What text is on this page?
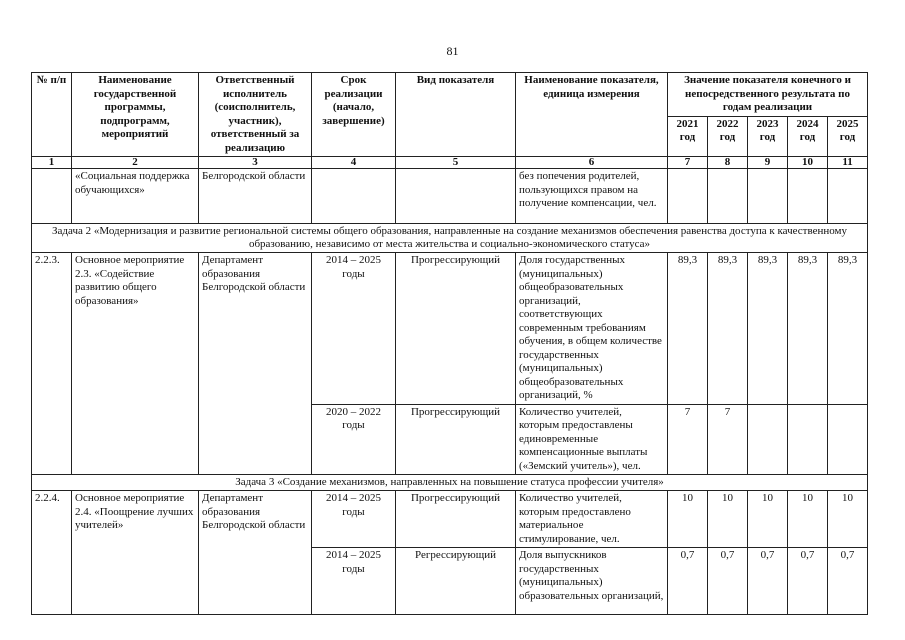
81
№ п/п	Наименование государственной программы, подпрограмм, мероприятий	Ответственный исполнитель (соисполнитель, участник), ответственный за реализацию	Срок реализации (начало, завершение)	Вид показателя	Наименование показателя, единица измерения	Значение показателя конечного и непосредственного результата по годам реализации				
						2021 год	2022 год	2023 год	2024 год	2025 год
1	2	3	4	5	6	7	8	9	10	11
	«Социальная поддержка обучающихся»	Белгородской области			без попечения родителей, пользующихся правом на получение компенсации, чел.					
Задача 2 «Модернизация и развитие региональной системы общего образования, направленные на создание механизмов обеспечения равенства доступа к качественному образованию, независимо от места жительства и социально-экономического статуса»										
2.2.3.	Основное мероприятие 2.3. «Содействие развитию общего образования»	Департамент образования Белгородской области	2014 – 2025 годы	Прогрессирующий	Доля государственных (муниципальных) общеобразовательных организаций, соответствующих современным требованиям обучения, в общем количестве государственных (муниципальных) общеобразовательных организаций, %	89,3	89,3	89,3	89,3	89,3
			2020 – 2022 годы	Прогрессирующий	Количество учителей, которым предоставлены единовременные компенсационные выплаты («Земский учитель»), чел.	7	7			
Задача 3 «Создание механизмов, направленных на повышение статуса профессии учителя»										
2.2.4.	Основное мероприятие 2.4. «Поощрение лучших учителей»	Департамент образования Белгородской области	2014 – 2025 годы	Прогрессирующий	Количество учителей, которым предоставлено материальное стимулирование, чел.	10	10	10	10	10
			2014 – 2025 годы	Регрессирующий	Доля выпускников государственных (муниципальных) образовательных организаций,	0,7	0,7	0,7	0,7	0,7
